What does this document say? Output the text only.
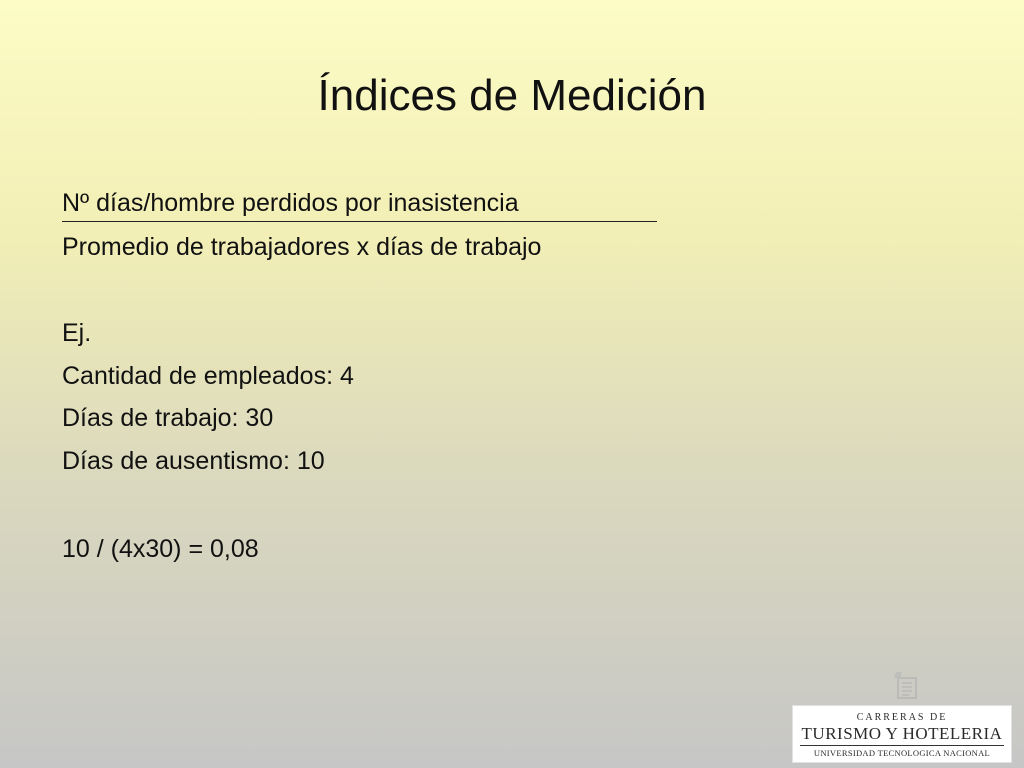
Índices de Medición
Nº días/hombre perdidos por inasistencia
Promedio de trabajadores x días de trabajo
Ej.
Cantidad de empleados: 4
Días de trabajo: 30
Días de ausentismo: 10
10 / (4x30) = 0,08
CARRERAS DE
TURISMO Y HOTELERIA
UNIVERSIDAD TECNOLOGICA NACIONAL
